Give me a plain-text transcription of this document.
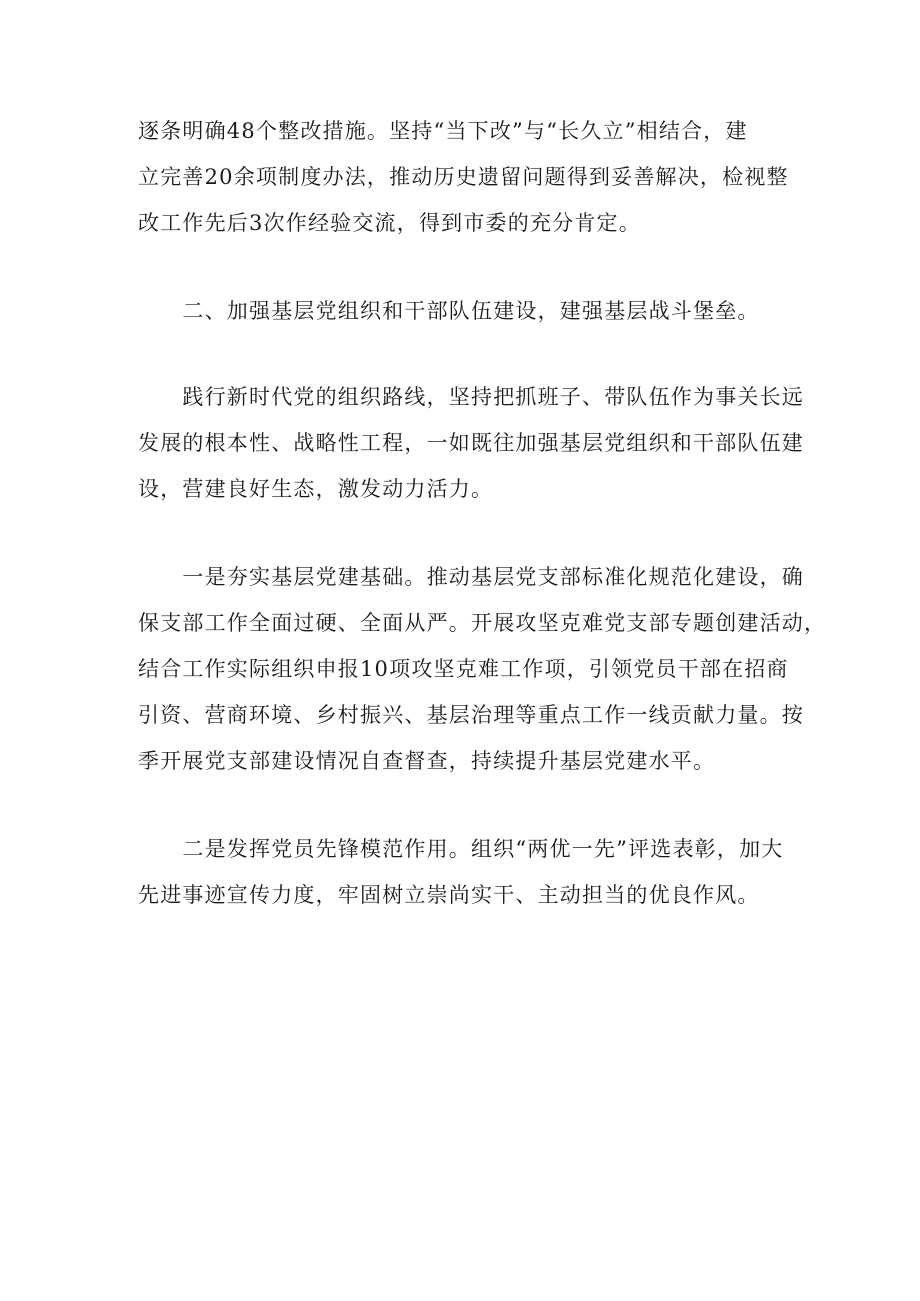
逐条明确48个整改措施。坚持“当下改”与“长久立”相结合，建
立完善20余项制度办法，推动历史遗留问题得到妥善解决，检视整
改工作先后3次作经验交流，得到市委的充分肯定。
　　二、加强基层党组织和干部队伍建设，建强基层战斗堡垒。
　　践行新时代党的组织路线，坚持把抓班子、带队伍作为事关长远
发展的根本性、战略性工程，一如既往加强基层党组织和干部队伍建
设，营建良好生态，激发动力活力。
　　一是夯实基层党建基础。推动基层党支部标准化规范化建设，确
保支部工作全面过硬、全面从严。开展攻坚克难党支部专题创建活动，
结合工作实际组织申报10项攻坚克难工作项，引领党员干部在招商
引资、营商环境、乡村振兴、基层治理等重点工作一线贡献力量。按
季开展党支部建设情况自查督查，持续提升基层党建水平。
　　二是发挥党员先锋模范作用。组织“两优一先”评选表彰，加大
先进事迹宣传力度，牢固树立崇尚实干、主动担当的优良作风。
